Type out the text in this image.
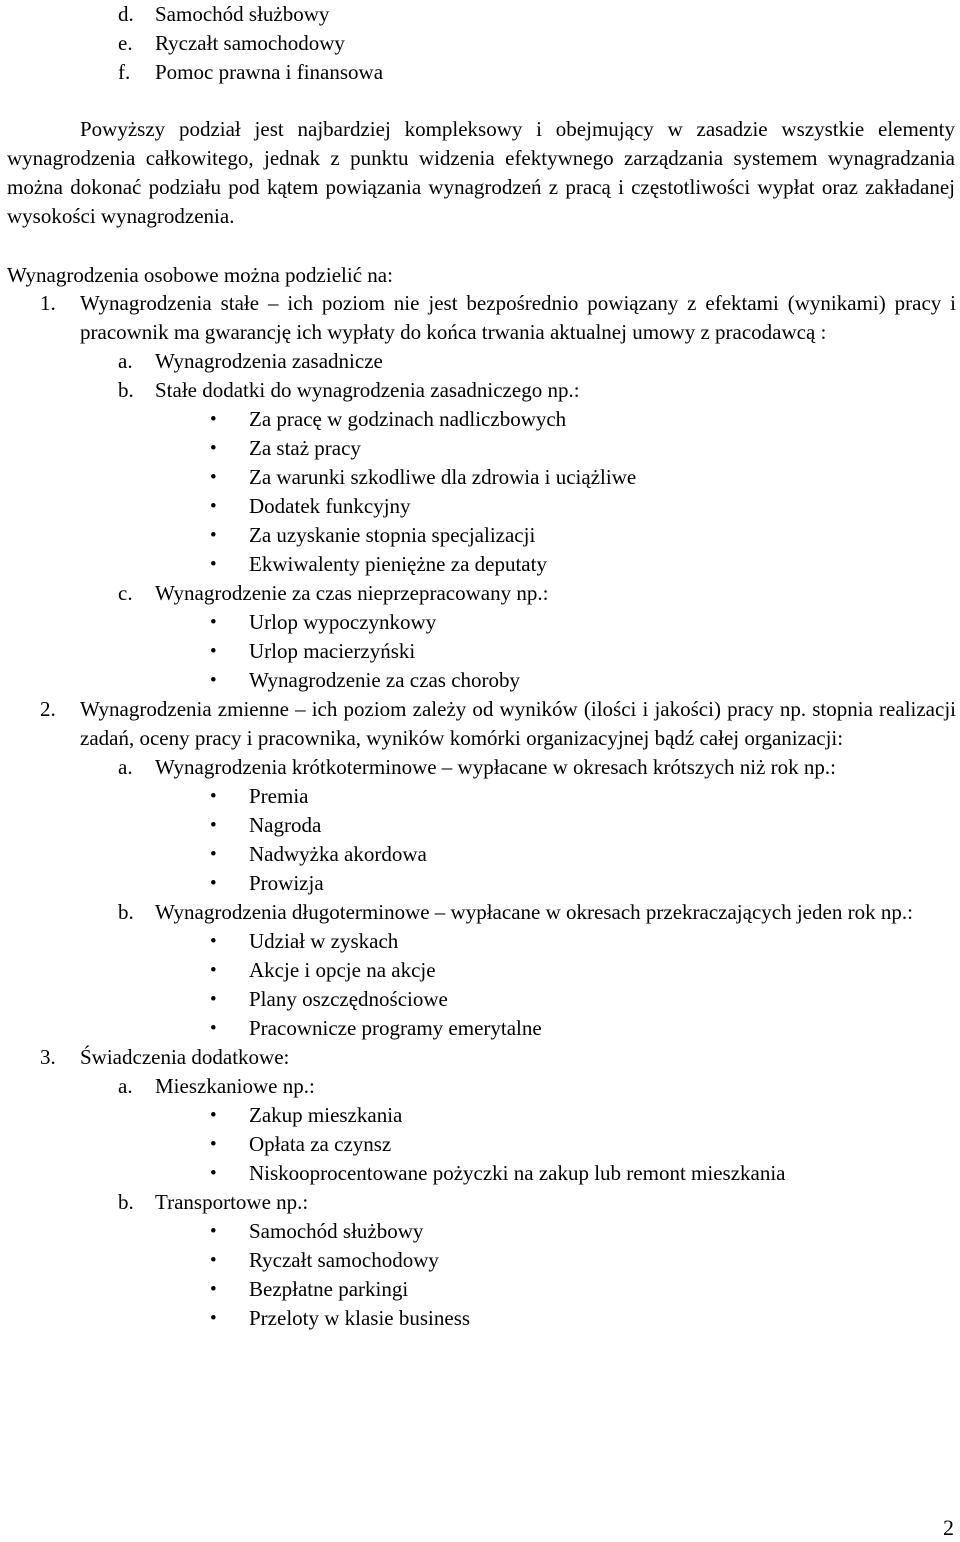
d. Samochód służbowy
e. Ryczałt samochodowy
f. Pomoc prawna i finansowa
Powyższy podział jest najbardziej kompleksowy i obejmujący w zasadzie wszystkie elementy wynagrodzenia całkowitego, jednak z punktu widzenia efektywnego zarządzania systemem wynagradzania można dokonać podziału pod kątem powiązania wynagrodzeń z pracą i częstotliwości wypłat oraz zakładanej wysokości wynagrodzenia.
Wynagrodzenia osobowe można podzielić na:
1. Wynagrodzenia stałe – ich poziom nie jest bezpośrednio powiązany z efektami (wynikami) pracy i pracownik ma gwarancję ich wypłaty do końca trwania aktualnej umowy z pracodawcą :
a. Wynagrodzenia zasadnicze
b. Stałe dodatki do wynagrodzenia zasadniczego np.:
• Za pracę w godzinach nadliczbowych
• Za staż pracy
• Za warunki szkodliwe dla zdrowia i uciążliwe
• Dodatek funkcyjny
• Za uzyskanie stopnia specjalizacji
• Ekwiwalenty pieniężne za deputaty
c. Wynagrodzenie za czas nieprzepracowany np.:
• Urlop wypoczynkowy
• Urlop macierzyński
• Wynagrodzenie za czas choroby
2. Wynagrodzenia zmienne – ich poziom zależy od wyników (ilości i jakości) pracy np. stopnia realizacji zadań, oceny pracy i pracownika, wyników komórki organizacyjnej bądź całej organizacji:
a. Wynagrodzenia krótkoterminowe – wypłacane w okresach krótszych niż rok np.:
• Premia
• Nagroda
• Nadwyżka akordowa
• Prowizja
b. Wynagrodzenia długoterminowe – wypłacane w okresach przekraczających jeden rok np.:
• Udział w zyskach
• Akcje i opcje na akcje
• Plany oszczędnościowe
• Pracownicze programy emerytalne
3. Świadczenia dodatkowe:
a. Mieszkaniowe np.:
• Zakup mieszkania
• Opłata za czynsz
• Niskooprocentowane pożyczki na zakup lub remont mieszkania
b. Transportowe np.:
• Samochód służbowy
• Ryczałt samochodowy
• Bezpłatne parkingi
• Przeloty w klasie business
2
